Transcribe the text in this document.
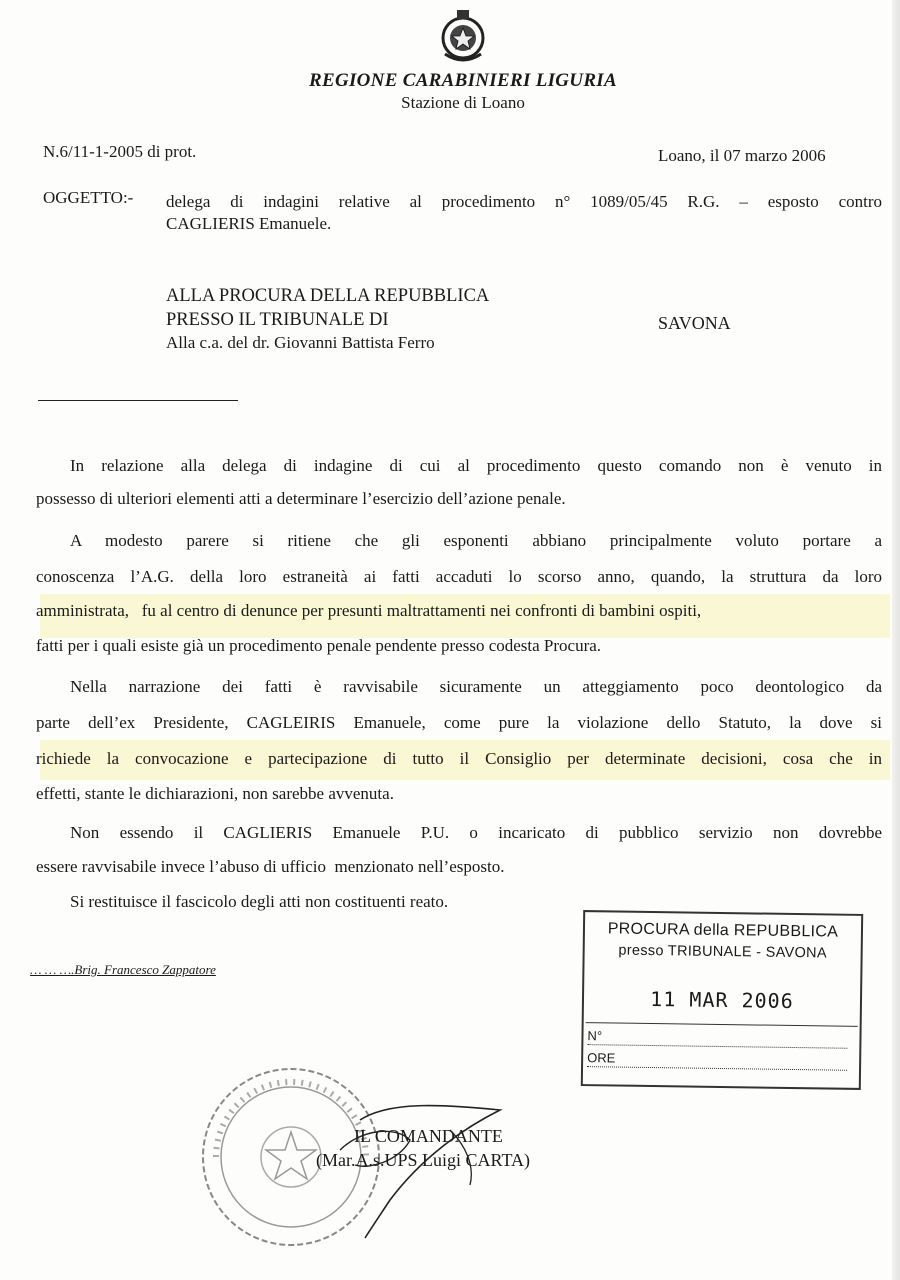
REGIONE CARABINIERI LIGURIA
Stazione di Loano
N.6/11-1-2005 di prot.	Loano, il 07 marzo 2006
OGGETTO:- delega di indagini relative al procedimento n° 1089/05/45 R.G. – esposto contro
CAGLIERIS Emanuele.
ALLA PROCURA DELLA REPUBBLICA
PRESSO IL TRIBUNALE DI
Alla c.a. del dr. Giovanni Battista Ferro
SAVONA
In relazione alla delega di indagine di cui al procedimento questo comando non è venuto in
possesso di ulteriori elementi atti a determinare l’esercizio dell’azione penale.
A modesto parere si ritiene che gli esponenti abbiano principalmente voluto portare a
conoscenza l’A.G. della loro estraneità ai fatti accaduti lo scorso anno, quando, la struttura da loro
amministrata,   fu al centro di denunce per presunti maltrattamenti nei confronti di bambini ospiti,
fatti per i quali esiste già un procedimento penale pendente presso codesta Procura.
Nella narrazione dei fatti è ravvisabile sicuramente un atteggiamento poco deontologico da
parte dell’ex Presidente, CAGLEIRIS Emanuele, come pure la violazione dello Statuto, la dove si
richiede la convocazione e partecipazione di tutto il Consiglio per determinate decisioni, cosa che in
effetti, stante le dichiarazioni, non sarebbe avvenuta.
Non essendo il CAGLIERIS Emanuele P.U. o incaricato di pubblico servizio non dovrebbe
essere ravvisabile invece l’abuso di ufficio  menzionato nell’esposto.
Si restituisce il fascicolo degli atti non costituenti reato.
… … ….Brig. Francesco Zappatore
PROCURA della REPUBBLICA
presso TRIBUNALE - SAVONA
11 MAR 2006
N°
ORE
IL COMANDANTE
(Mar.A.s.UPS Luigi CARTA)
